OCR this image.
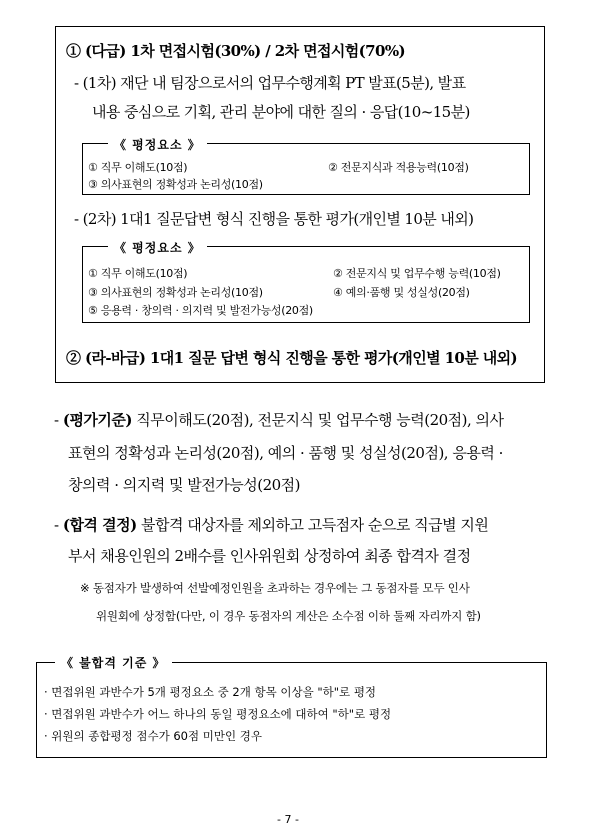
① (다급) 1차 면접시험(30%) / 2차 면접시험(70%)
- (1차) 재단 내 팀장으로서의 업무수행계획 PT 발표(5분), 발표
내용 중심으로 기획, 관리 분야에 대한 질의 · 응답(10~15분)
《 평정요소 》
① 직무 이해도(10점)	② 전문지식과 적용능력(10점)
③ 의사표현의 정확성과 논리성(10점)
- (2차) 1대1 질문답변 형식 진행을 통한 평가(개인별 10분 내외)
《 평정요소 》
① 직무 이해도(10점)	② 전문지식 및 업무수행 능력(10점)
③ 의사표현의 정확성과 논리성(10점)	④ 예의·품행 및 성실성(20점)
⑤ 응용력 · 창의력 · 의지력 및 발전가능성(20점)
② (라-바급) 1대1 질문 답변 형식 진행을 통한 평가(개인별 10분 내외)
- (평가기준) 직무이해도(20점), 전문지식 및 업무수행 능력(20점), 의사
표현의 정확성과 논리성(20점), 예의 · 품행 및 성실성(20점), 응용력 ·
창의력 · 의지력 및 발전가능성(20점)
- (합격 결정) 불합격 대상자를 제외하고 고득점자 순으로 직급별 지원
부서 채용인원의 2배수를 인사위원회 상정하여 최종 합격자 결정
※ 동점자가 발생하여 선발예정인원을 초과하는 경우에는 그 동점자를 모두 인사
위원회에 상정함(다만, 이 경우 동점자의 계산은 소수점 이하 둘째 자리까지 함)
《 불합격 기준 》
· 면접위원 과반수가 5개 평정요소 중 2개 항목 이상을 "하"로 평정
· 면접위원 과반수가 어느 하나의 동일 평정요소에 대하여 "하"로 평정
· 위원의 종합평정 점수가 60점 미만인 경우
- 7 -
